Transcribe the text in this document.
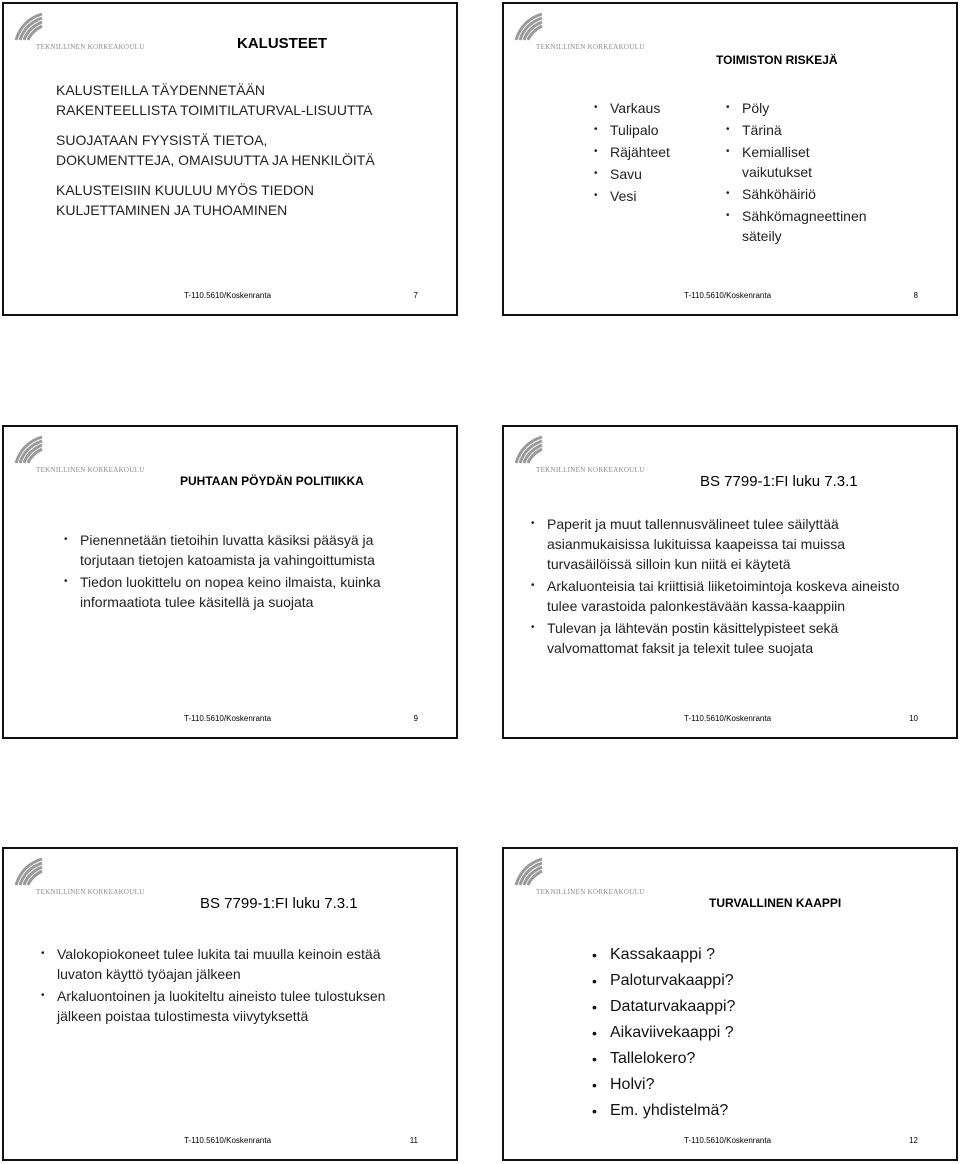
TEKNILLINEN KORKEAKOULU	KALUSTEET

KALUSTEILLA TÄYDENNETÄÄN RAKENTEELLISTA TOIMITILATURVAL-LISUUTTA

SUOJATAAN FYYSISTÄ TIETOA, DOKUMENTTEJA, OMAISUUTTA JA HENKILÖITÄ

KALUSTEISIIN KUULUU MYÖS TIEDON KULJETTAMINEN JA TUHOAMINEN

T-110.5610/Koskenranta	7
TEKNILLINEN KORKEAKOULU
TOIMISTON RISKEJÄ
• Varkaus
• Tulipalo
• Räjähteet
• Savu
• Vesi
• Pöly
• Tärinä
• Kemialliset vaikutukset
• Sähköhäiriö
• Sähkömagneettinen säteily
T-110.5610/Koskenranta	8
TEKNILLINEN KORKEAKOULU
PUHTAAN PÖYDÄN POLITIIKKA
• Pienennetään tietoihin luvatta käsiksi pääsyä ja torjutaan tietojen katoamista ja vahingoittumista
• Tiedon luokittelu on nopea keino ilmaista, kuinka informaatiota tulee käsitellä ja suojata
T-110.5610/Koskenranta	9
TEKNILLINEN KORKEAKOULU
BS 7799-1:FI luku 7.3.1
• Paperit ja muut tallennusvälineet tulee säilyttää asianmukaisissa lukituissa kaapeissa tai muissa turvasäilöissä silloin kun niitä ei käytetä
• Arkaluonteisia tai kriittisiä liiketoimintoja koskeva aineisto tulee varastoida palonkestävään kassa-kaappiin
• Tulevan ja lähtevän postin käsittelypisteet sekä valvomattomat faksit ja telexit tulee suojata
T-110.5610/Koskenranta	10
TEKNILLINEN KORKEAKOULU
BS 7799-1:FI luku 7.3.1
• Valokopiokoneet tulee lukita tai muulla keinoin estää luvaton käyttö työajan jälkeen
• Arkaluontoinen ja luokiteltu aineisto tulee tulostuksen jälkeen poistaa tulostimesta viivytyksettä
T-110.5610/Koskenranta	11
TEKNILLINEN KORKEAKOULU
TURVALLINEN KAAPPI
• Kassakaappi ?
• Paloturvakaappi?
• Dataturvakaappi?
• Aikaviivekaappi ?
• Tallelokero?
• Holvi?
• Em. yhdistelmä?
T-110.5610/Koskenranta	12
